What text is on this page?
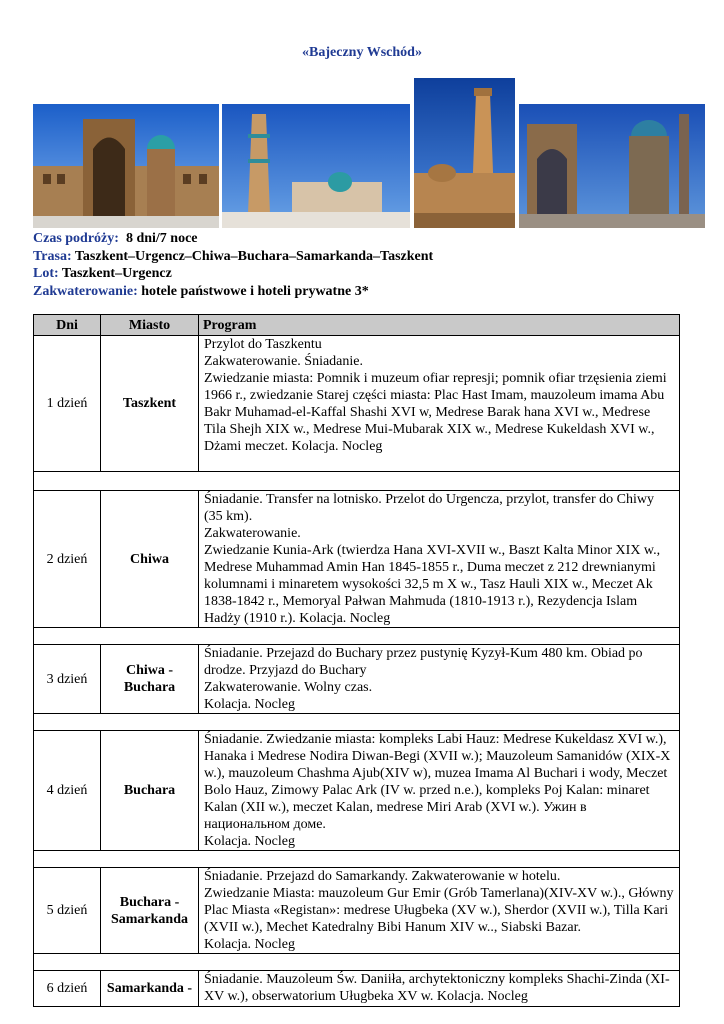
«Bajeczny Wschód»
Czas podróży: 8 dni/7 noce
Trasa: Taszkent–Urgencz–Chiwa–Buchara–Samarkanda–Taszkent
Lot: Taszkent–Urgencz
Zakwaterowanie: hotele państwowe i hoteli prywatne 3*
Dni	Miasto	Program
1 dzień	Taszkent	Przylot do Taszkentu
Zakwaterowanie. Śniadanie.
Zwiedzanie miasta: Pomnik i muzeum ofiar represji; pomnik ofiar trzęsienia ziemi 1966 r., zwiedzanie Starej części miasta: Plac Hast Imam, mauzoleum imama Abu Bakr Muhamad-el-Kaffal Shashi XVI w, Medrese Barak hana XVI w., Medrese Tila Shejh XIX w., Medrese Mui-Mubarak XIX w., Medrese Kukeldash XVI w., Dżami meczet. Kolacja. Nocleg

2 dzień	Chiwa	Śniadanie. Transfer na lotnisko. Przelot do Urgencza, przylot, transfer do Chiwy (35 km).
Zakwaterowanie.
Zwiedzanie Kunia-Ark (twierdza Hana XVI-XVII w., Baszt Kalta Minor XIX w., Medrese Muhammad Amin Han 1845-1855 r., Duma meczet z 212 drewnianymi kolumnami i minaretem wysokości 32,5 m X w., Tasz Hauli XIX w., Meczet Ak 1838-1842 r., Memoryal Pałwan Mahmuda (1810-1913 r.), Rezydencja Islam Hadży (1910 r.). Kolacja. Nocleg

3 dzień	Chiwa - Buchara	Śniadanie. Przejazd do Buchary przez pustynię Kyzył-Kum 480 km. Obiad po drodze. Przyjazd do Buchary
Zakwaterowanie. Wolny czas.
Kolacja. Nocleg

4 dzień	Buchara	Śniadanie. Zwiedzanie miasta: kompleks Labi Hauz: Medrese Kukeldasz XVI w.), Hanaka i Medrese Nodira Diwan-Begi (XVII w.); Mauzoleum Samanidów (XIX-X w.), mauzoleum Chashma Ajub(XIV w), muzea Imama Al Buchari i wody, Meczet Bolo Hauz, Zimowy Palac Ark (IV w. przed n.e.), kompleks Poj Kalan: minaret Kalan (XII w.), meczet Kalan, medrese Miri Arab (XVI w.). Ужин в национальном доме.
Kolacja. Nocleg

5 dzień	Buchara - Samarkanda	Śniadanie. Przejazd do Samarkandy. Zakwaterowanie w hotelu.
Zwiedzanie Miasta: mauzoleum Gur Emir (Grób Tamerlana)(XIV-XV w.)., Główny Plac Miasta «Registan»: medrese Uługbeka (XV w.), Sherdor (XVII w.), Tilla Kari (XVII w.), Mechet Katedralny Bibi Hanum XIV w.., Siabski Bazar.
Kolacja. Nocleg

6 dzień	Samarkanda -	Śniadanie. Mauzoleum Św. Daniiła, archytektoniczny kompleks Shachi-Zinda (XI-XV w.), obserwatorium Uługbeka XV w. Kolacja. Nocleg
